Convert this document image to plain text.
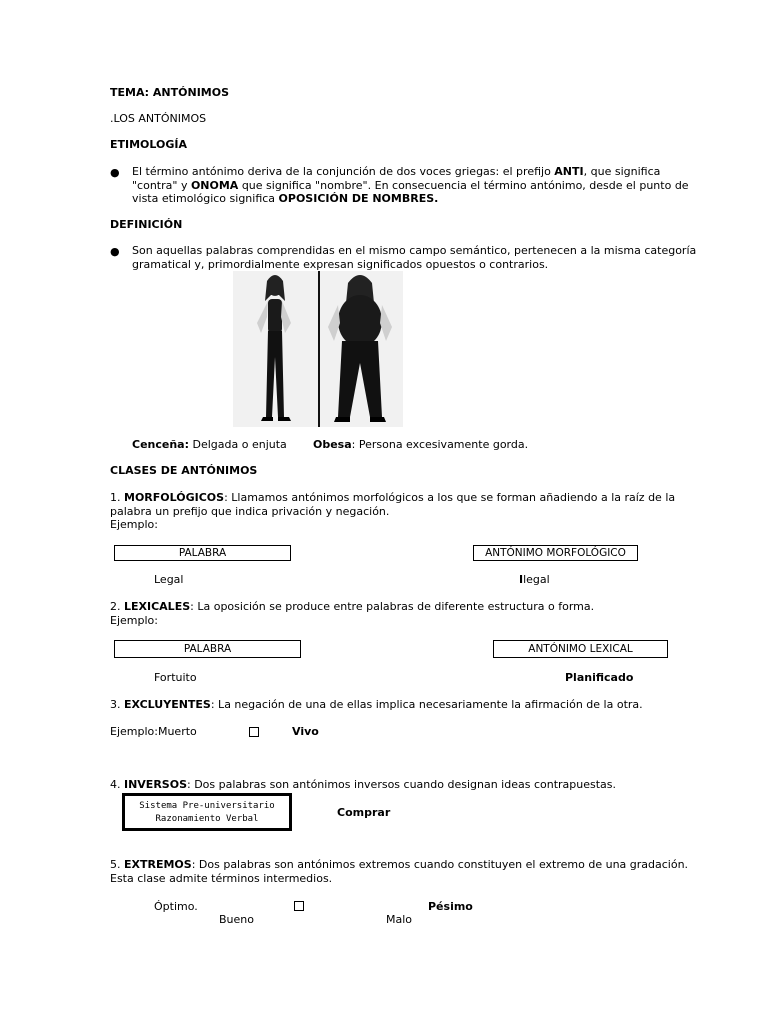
TEMA: ANTÓNIMOS
.LOS ANTÓNIMOS
ETIMOLOGÍA
● El término antónimo deriva de la conjunción de dos voces griegas: el prefijo ANTI, que significa
"contra" y ONOMA que significa "nombre". En consecuencia el término antónimo, desde el punto de
vista etimológico significa OPOSICIÓN DE NOMBRES.
DEFINICIÓN
● Son aquellas palabras comprendidas en el mismo campo semántico, pertenecen a la misma categoría
gramatical y, primordialmente expresan significados opuestos o contrarios.
Cenceña: Delgada o enjuta Obesa: Persona excesivamente gorda.
CLASES DE ANTÓNIMOS
1. MORFOLÓGICOS: Llamamos antónimos morfológicos a los que se forman añadiendo a la raíz de la
palabra un prefijo que indica privación y negación.
Ejemplo:
PALABRA	ANTÓNIMO MORFOLÓGICO
Legal	Ilegal
2. LEXICALES: La oposición se produce entre palabras de diferente estructura o forma.
Ejemplo:
PALABRA	ANTÓNIMO LEXICAL
Fortuito	Planificado
3. EXCLUYENTES: La negación de una de ellas implica necesariamente la afirmación de la otra.
Ejemplo:Muerto	Vivo
4. INVERSOS: Dos palabras son antónimos inversos cuando designan ideas contrapuestas.
Sistema Pre-universitario
Razonamiento Verbal	Comprar
5. EXTREMOS: Dos palabras son antónimos extremos cuando constituyen el extremo de una gradación.
Esta clase admite términos intermedios.
Óptimo.	Pésimo
Bueno	Malo
